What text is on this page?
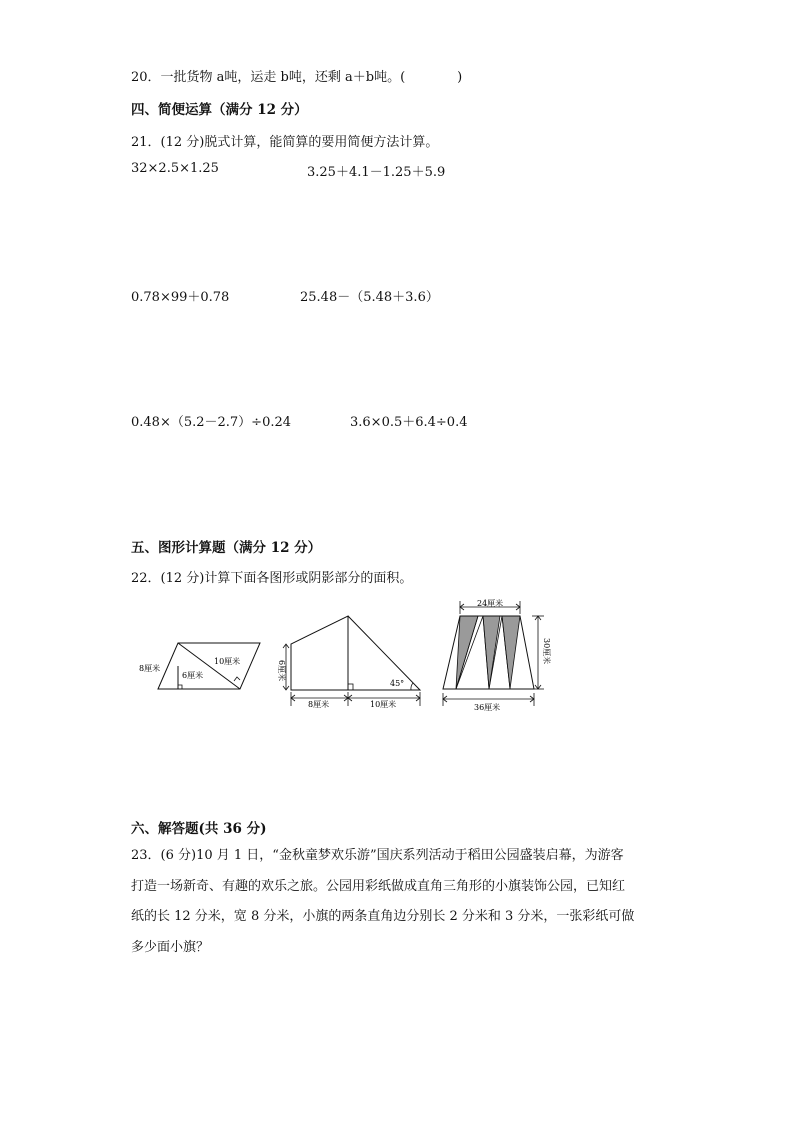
20．一批货物 a吨，运走 b吨，还剩 a＋b吨。(　　　　)
四、简便运算（满分 12 分）
21．(12 分)脱式计算，能简算的要用简便方法计算。
32×2.5×1.25	3.25＋4.1－1.25＋5.9
0.78×99＋0.78	25.48－（5.48＋3.6）
0.48×（5.2－2.7）÷0.24	3.6×0.5＋6.4÷0.4
五、图形计算题（满分 12 分）
22．(12 分)计算下面各图形或阴影部分的面积。
8厘米
10厘米
6厘米	6厘米
8厘米	10厘米
45°
24厘米
30厘米
36厘米
六、解答题(共 36 分)

23．(6 分)10 月 1 日，“金秋童梦欢乐游”国庆系列活动于稻田公园盛装启幕，为游客

打造一场新奇、有趣的欢乐之旅。公园用彩纸做成直角三角形的小旗装饰公园，已知红

纸的长 12 分米，宽 8 分米，小旗的两条直角边分别长 2 分米和 3 分米，一张彩纸可做

多少面小旗？
